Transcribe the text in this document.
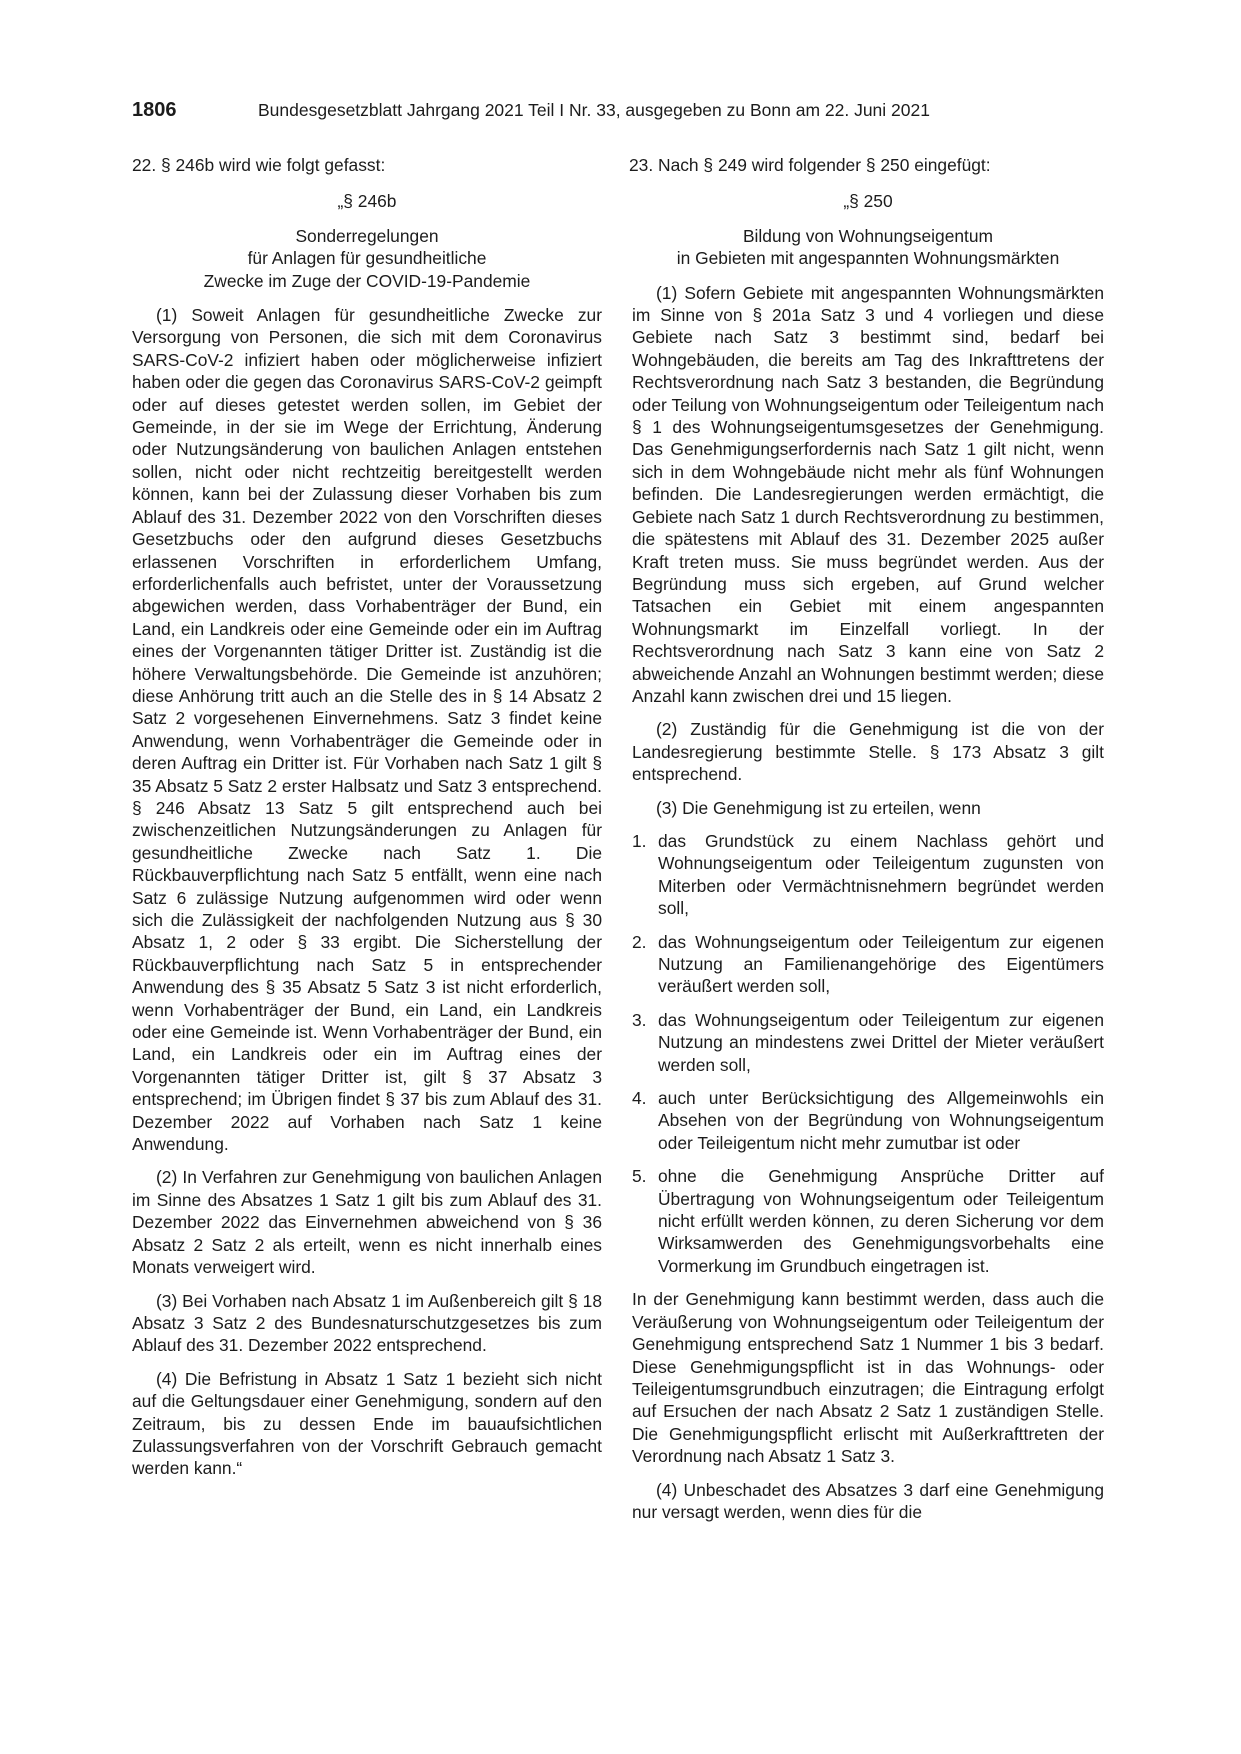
1806	Bundesgesetzblatt Jahrgang 2021 Teil I Nr. 33, ausgegeben zu Bonn am 22. Juni 2021
22. § 246b wird wie folgt gefasst:
„§ 246b
Sonderregelungen
für Anlagen für gesundheitliche
Zwecke im Zuge der COVID-19-Pandemie

(1) Soweit Anlagen für gesundheitliche Zwecke zur Versorgung von Personen, die sich mit dem Coronavirus SARS-CoV-2 infiziert haben oder möglicherweise infiziert haben oder die gegen das Coronavirus SARS-CoV-2 geimpft oder auf dieses getestet werden sollen, im Gebiet der Gemeinde, in der sie im Wege der Errichtung, Änderung oder Nutzungsänderung von baulichen Anlagen entstehen sollen, nicht oder nicht rechtzeitig bereitgestellt werden können, kann bei der Zulassung dieser Vorhaben bis zum Ablauf des 31. Dezember 2022 von den Vorschriften dieses Gesetzbuchs oder den aufgrund dieses Gesetzbuchs erlassenen Vorschriften in erforderlichem Umfang, erforderlichenfalls auch befristet, unter der Voraussetzung abgewichen werden, dass Vorhabenträger der Bund, ein Land, ein Landkreis oder eine Gemeinde oder ein im Auftrag eines der Vorgenannten tätiger Dritter ist. Zuständig ist die höhere Verwaltungsbehörde. Die Gemeinde ist anzuhören; diese Anhörung tritt auch an die Stelle des in § 14 Absatz 2 Satz 2 vorgesehenen Einvernehmens. Satz 3 findet keine Anwendung, wenn Vorhabenträger die Gemeinde oder in deren Auftrag ein Dritter ist. Für Vorhaben nach Satz 1 gilt § 35 Absatz 5 Satz 2 erster Halbsatz und Satz 3 entsprechend. § 246 Absatz 13 Satz 5 gilt entsprechend auch bei zwischenzeitlichen Nutzungsänderungen zu Anlagen für gesundheitliche Zwecke nach Satz 1. Die Rückbauverpflichtung nach Satz 5 entfällt, wenn eine nach Satz 6 zulässige Nutzung aufgenommen wird oder wenn sich die Zulässigkeit der nachfolgenden Nutzung aus § 30 Absatz 1, 2 oder § 33 ergibt. Die Sicherstellung der Rückbauverpflichtung nach Satz 5 in entsprechender Anwendung des § 35 Absatz 5 Satz 3 ist nicht erforderlich, wenn Vorhabenträger der Bund, ein Land, ein Landkreis oder eine Gemeinde ist. Wenn Vorhabenträger der Bund, ein Land, ein Landkreis oder ein im Auftrag eines der Vorgenannten tätiger Dritter ist, gilt § 37 Absatz 3 entsprechend; im Übrigen findet § 37 bis zum Ablauf des 31. Dezember 2022 auf Vorhaben nach Satz 1 keine Anwendung.

(2) In Verfahren zur Genehmigung von baulichen Anlagen im Sinne des Absatzes 1 Satz 1 gilt bis zum Ablauf des 31. Dezember 2022 das Einvernehmen abweichend von § 36 Absatz 2 Satz 2 als erteilt, wenn es nicht innerhalb eines Monats verweigert wird.

(3) Bei Vorhaben nach Absatz 1 im Außenbereich gilt § 18 Absatz 3 Satz 2 des Bundesnaturschutzgesetzes bis zum Ablauf des 31. Dezember 2022 entsprechend.

(4) Die Befristung in Absatz 1 Satz 1 bezieht sich nicht auf die Geltungsdauer einer Genehmigung, sondern auf den Zeitraum, bis zu dessen Ende im bauaufsichtlichen Zulassungsverfahren von der Vorschrift Gebrauch gemacht werden kann.“

23. Nach § 249 wird folgender § 250 eingefügt:
„§ 250
Bildung von Wohnungseigentum
in Gebieten mit angespannten Wohnungsmärkten

(1) Sofern Gebiete mit angespannten Wohnungsmärkten im Sinne von § 201a Satz 3 und 4 vorliegen und diese Gebiete nach Satz 3 bestimmt sind, bedarf bei Wohngebäuden, die bereits am Tag des Inkrafttretens der Rechtsverordnung nach Satz 3 bestanden, die Begründung oder Teilung von Wohnungseigentum oder Teileigentum nach § 1 des Wohnungseigentumsgesetzes der Genehmigung. Das Genehmigungserfordernis nach Satz 1 gilt nicht, wenn sich in dem Wohngebäude nicht mehr als fünf Wohnungen befinden. Die Landesregierungen werden ermächtigt, die Gebiete nach Satz 1 durch Rechtsverordnung zu bestimmen, die spätestens mit Ablauf des 31. Dezember 2025 außer Kraft treten muss. Sie muss begründet werden. Aus der Begründung muss sich ergeben, auf Grund welcher Tatsachen ein Gebiet mit einem angespannten Wohnungsmarkt im Einzelfall vorliegt. In der Rechtsverordnung nach Satz 3 kann eine von Satz 2 abweichende Anzahl an Wohnungen bestimmt werden; diese Anzahl kann zwischen drei und 15 liegen.

(2) Zuständig für die Genehmigung ist die von der Landesregierung bestimmte Stelle. § 173 Absatz 3 gilt entsprechend.

(3) Die Genehmigung ist zu erteilen, wenn

1. das Grundstück zu einem Nachlass gehört und Wohnungseigentum oder Teileigentum zugunsten von Miterben oder Vermächtnisnehmern begründet werden soll,
2. das Wohnungseigentum oder Teileigentum zur eigenen Nutzung an Familienangehörige des Eigentümers veräußert werden soll,
3. das Wohnungseigentum oder Teileigentum zur eigenen Nutzung an mindestens zwei Drittel der Mieter veräußert werden soll,
4. auch unter Berücksichtigung des Allgemeinwohls ein Absehen von der Begründung von Wohnungseigentum oder Teileigentum nicht mehr zumutbar ist oder
5. ohne die Genehmigung Ansprüche Dritter auf Übertragung von Wohnungseigentum oder Teileigentum nicht erfüllt werden können, zu deren Sicherung vor dem Wirksamwerden des Genehmigungsvorbehalts eine Vormerkung im Grundbuch eingetragen ist.

In der Genehmigung kann bestimmt werden, dass auch die Veräußerung von Wohnungseigentum oder Teileigentum der Genehmigung entsprechend Satz 1 Nummer 1 bis 3 bedarf. Diese Genehmigungspflicht ist in das Wohnungs- oder Teileigentumsgrundbuch einzutragen; die Eintragung erfolgt auf Ersuchen der nach Absatz 2 Satz 1 zuständigen Stelle. Die Genehmigungspflicht erlischt mit Außerkrafttreten der Verordnung nach Absatz 1 Satz 3.

(4) Unbeschadet des Absatzes 3 darf eine Genehmigung nur versagt werden, wenn dies für die
